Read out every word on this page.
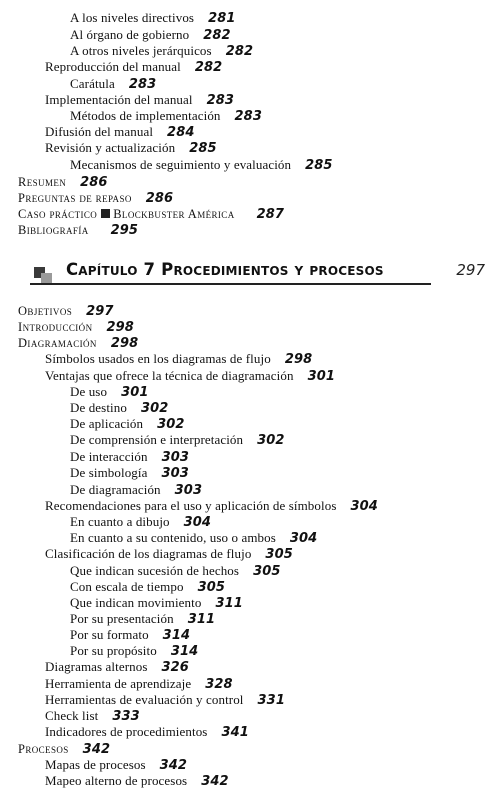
A los niveles directivos 281
Al órgano de gobierno 282
A otros niveles jerárquicos 282
Reproducción del manual 282
Carátula 283
Implementación del manual 283
Métodos de implementación 283
Difusión del manual 284
Revisión y actualización 285
Mecanismos de seguimiento y evaluación 285
Resumen 286
Preguntas de repaso 286
Caso práctico Blockbuster América 287
Bibliografía 295
Capítulo 7 Procedimientos y procesos	297
Objetivos 297
Introducción 298
Diagramación 298
Símbolos usados en los diagramas de flujo 298
Ventajas que ofrece la técnica de diagramación 301
De uso 301
De destino 302
De aplicación 302
De comprensión e interpretación 302
De interacción 303
De simbología 303
De diagramación 303
Recomendaciones para el uso y aplicación de símbolos 304
En cuanto a dibujo 304
En cuanto a su contenido, uso o ambos 304
Clasificación de los diagramas de flujo 305
Que indican sucesión de hechos 305
Con escala de tiempo 305
Que indican movimiento 311
Por su presentación 311
Por su formato 314
Por su propósito 314
Diagramas alternos 326
Herramienta de aprendizaje 328
Herramientas de evaluación y control 331
Check list 333
Indicadores de procedimientos 341
Procesos 342
Mapas de procesos 342
Mapeo alterno de procesos 342
